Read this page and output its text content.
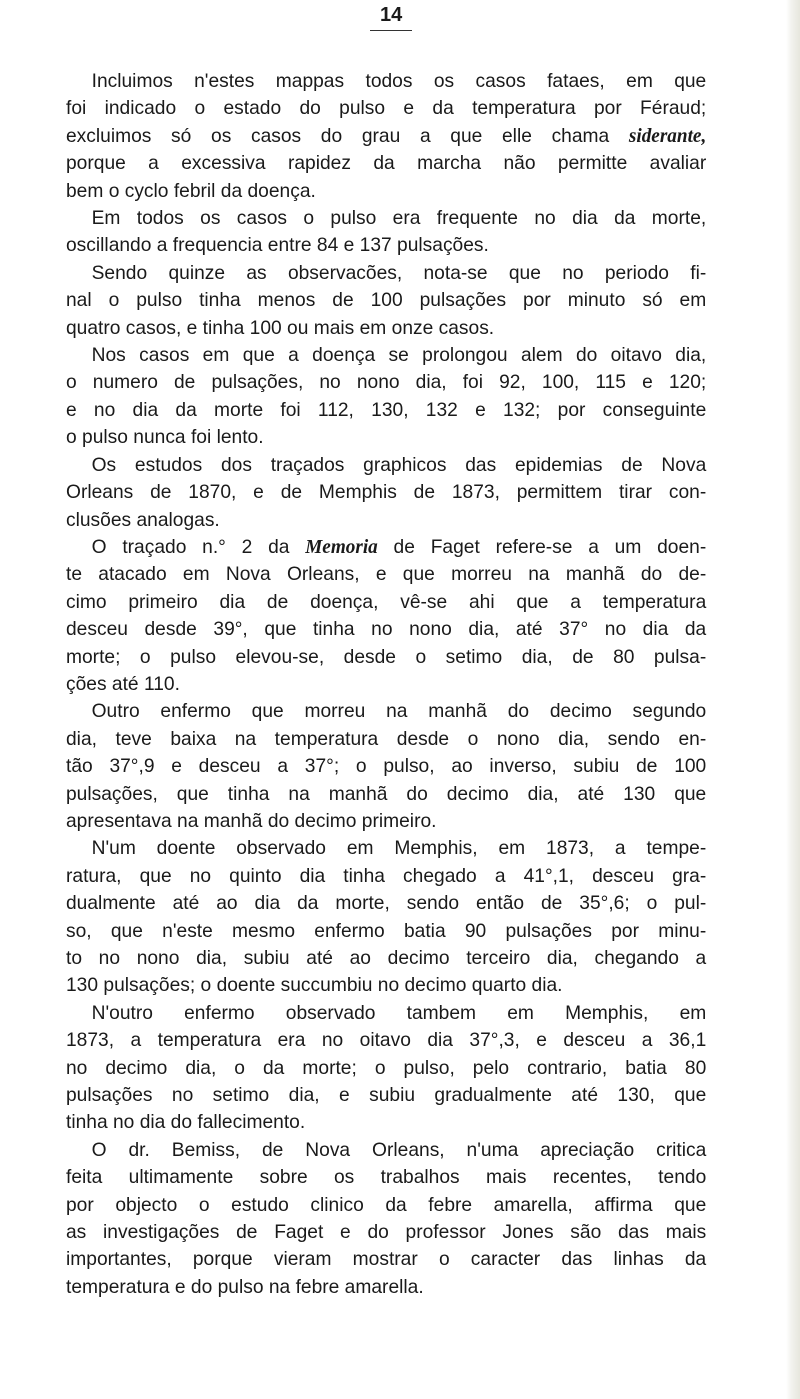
14

Incluimos n'estes mappas todos os casos fataes, em que
foi indicado o estado do pulso e da temperatura por Féraud;
excluimos só os casos do grau a que elle chama siderante,
porque a excessiva rapidez da marcha não permitte avaliar
bem o cyclo febril da doença.

Em todos os casos o pulso era frequente no dia da morte,
oscillando a frequencia entre 84 e 137 pulsações.

Sendo quinze as observacões, nota-se que no periodo fi-
nal o pulso tinha menos de 100 pulsações por minuto só em
quatro casos, e tinha 100 ou mais em onze casos.

Nos casos em que a doença se prolongou alem do oitavo dia,
o numero de pulsações, no nono dia, foi 92, 100, 115 e 120;
e no dia da morte foi 112, 130, 132 e 132; por conseguinte
o pulso nunca foi lento.

Os estudos dos traçados graphicos das epidemias de Nova
Orleans de 1870, e de Memphis de 1873, permittem tirar con-
clusões analogas.

O traçado n.° 2 da Memoria de Faget refere-se a um doen-
te atacado em Nova Orleans, e que morreu na manhã do de-
cimo primeiro dia de doença, vê-se ahi que a temperatura
desceu desde 39°, que tinha no nono dia, até 37° no dia da
morte; o pulso elevou-se, desde o setimo dia, de 80 pulsa-
ções até 110.

Outro enfermo que morreu na manhã do decimo segundo
dia, teve baixa na temperatura desde o nono dia, sendo en-
tão 37°,9 e desceu a 37°; o pulso, ao inverso, subiu de 100
pulsações, que tinha na manhã do decimo dia, até 130 que
apresentava na manhã do decimo primeiro.

N'um doente observado em Memphis, em 1873, a tempe-
ratura, que no quinto dia tinha chegado a 41°,1, desceu gra-
dualmente até ao dia da morte, sendo então de 35°,6; o pul-
so, que n'este mesmo enfermo batia 90 pulsações por minu-
to no nono dia, subiu até ao decimo terceiro dia, chegando a
130 pulsações; o doente succumbiu no decimo quarto dia.

N'outro enfermo observado tambem em Memphis, em
1873, a temperatura era no oitavo dia 37°,3, e desceu a 36,1
no decimo dia, o da morte; o pulso, pelo contrario, batia 80
pulsações no setimo dia, e subiu gradualmente até 130, que
tinha no dia do fallecimento.

O dr. Bemiss, de Nova Orleans, n'uma apreciação critica
feita ultimamente sobre os trabalhos mais recentes, tendo
por objecto o estudo clinico da febre amarella, affirma que
as investigações de Faget e do professor Jones são das mais
importantes, porque vieram mostrar o caracter das linhas da
temperatura e do pulso na febre amarella.
